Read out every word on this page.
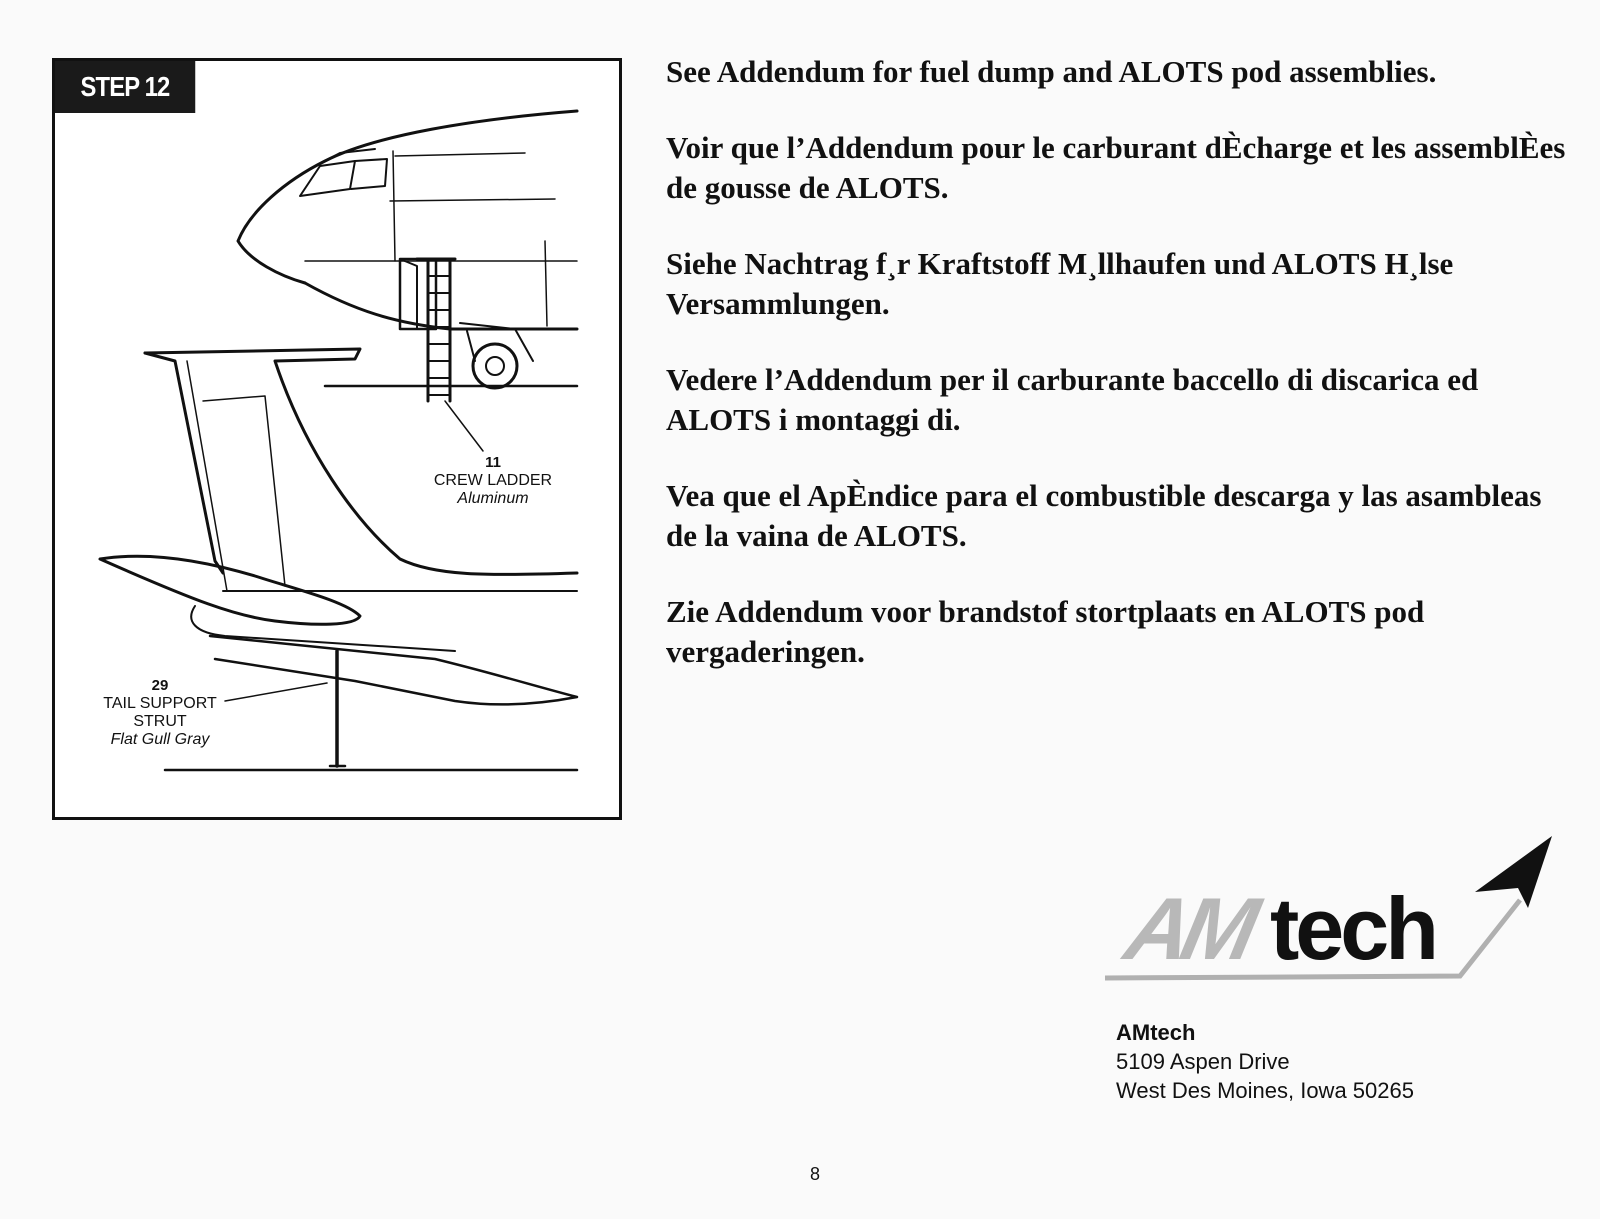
STEP 12
11
CREW LADDER
Aluminum
29
TAIL SUPPORT
STRUT
Flat Gull Gray

See Addendum for fuel dump and ALOTS pod assemblies.

Voir que l’Addendum pour le carburant dÈcharge et les assemblÈes de gousse de ALOTS.

Siehe Nachtrag f¸r Kraftstoff M¸llhaufen und ALOTS H¸lse Versammlungen.

Vedere l’Addendum per il carburante baccello di discarica ed ALOTS i montaggi di.

Vea que el ApÈndice para el combustible descarga y las asambleas de la vaina de ALOTS.

Zie Addendum voor brandstof stortplaats en ALOTS pod vergaderingen.

AM tech
AMtech
5109 Aspen Drive
West Des Moines, Iowa 50265
8
